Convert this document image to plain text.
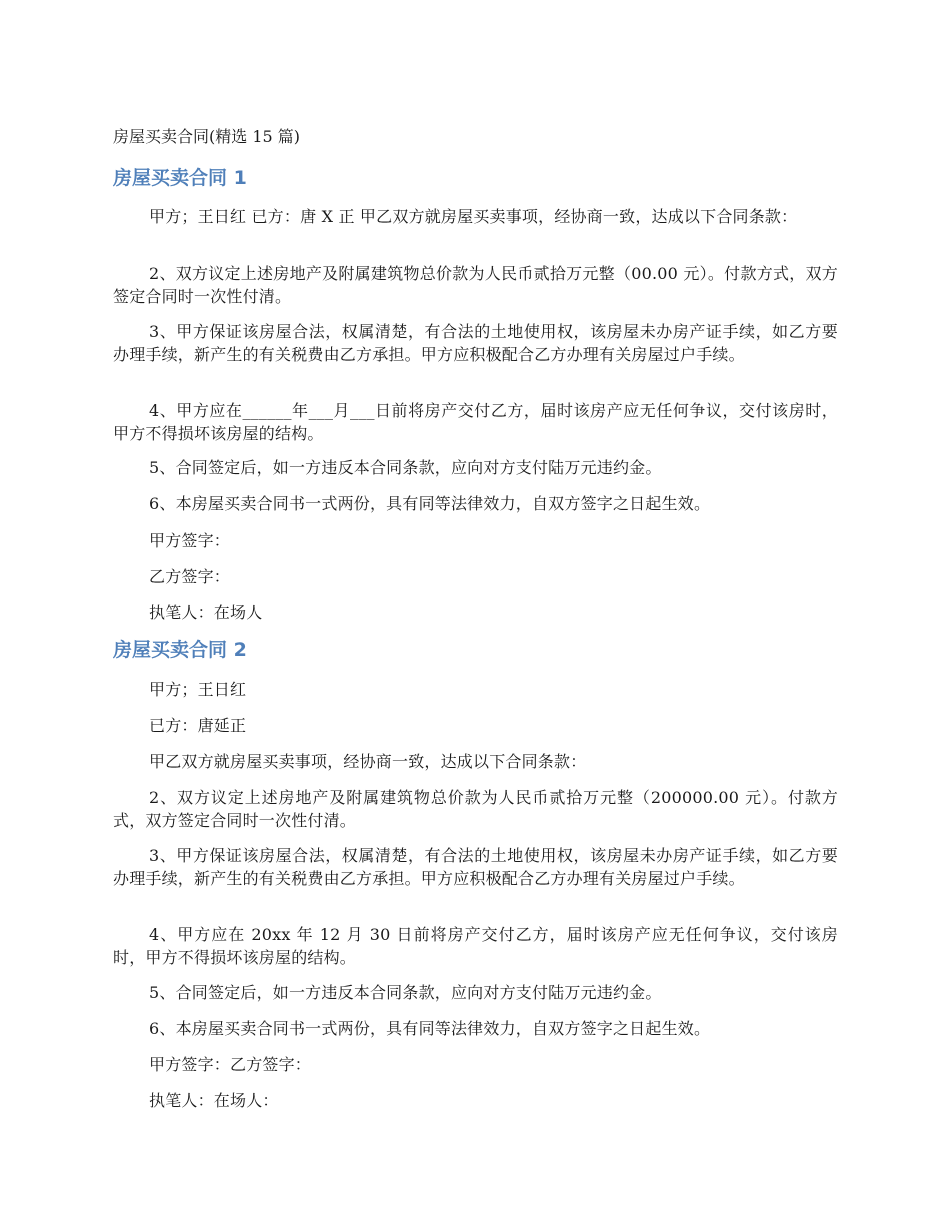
房屋买卖合同(精选 15 篇)
房屋买卖合同 1
甲方；王日红 已方：唐 X 正 甲乙双方就房屋买卖事项，经协商一致，达成以下合同条款：
2、双方议定上述房地产及附属建筑物总价款为人民币贰拾万元整（00.00 元）。付款方式，双方签定合同时一次性付清。
3、甲方保证该房屋合法，权属清楚，有合法的土地使用权，该房屋未办房产证手续，如乙方要办理手续，新产生的有关税费由乙方承担。甲方应积极配合乙方办理有关房屋过户手续。
4、甲方应在______年___月___日前将房产交付乙方，届时该房产应无任何争议，交付该房时，甲方不得损坏该房屋的结构。
5、合同签定后，如一方违反本合同条款，应向对方支付陆万元违约金。
6、本房屋买卖合同书一式两份，具有同等法律效力，自双方签字之日起生效。
甲方签字：
乙方签字：
执笔人：在场人
房屋买卖合同 2
甲方；王日红
已方：唐延正
甲乙双方就房屋买卖事项，经协商一致，达成以下合同条款：
2、双方议定上述房地产及附属建筑物总价款为人民币贰拾万元整（200000.00 元）。付款方式，双方签定合同时一次性付清。
3、甲方保证该房屋合法，权属清楚，有合法的土地使用权，该房屋未办房产证手续，如乙方要办理手续，新产生的有关税费由乙方承担。甲方应积极配合乙方办理有关房屋过户手续。
4、甲方应在 20xx 年 12 月 30 日前将房产交付乙方，届时该房产应无任何争议，交付该房时，甲方不得损坏该房屋的结构。
5、合同签定后，如一方违反本合同条款，应向对方支付陆万元违约金。
6、本房屋买卖合同书一式两份，具有同等法律效力，自双方签字之日起生效。
甲方签字：乙方签字：
执笔人：在场人：
